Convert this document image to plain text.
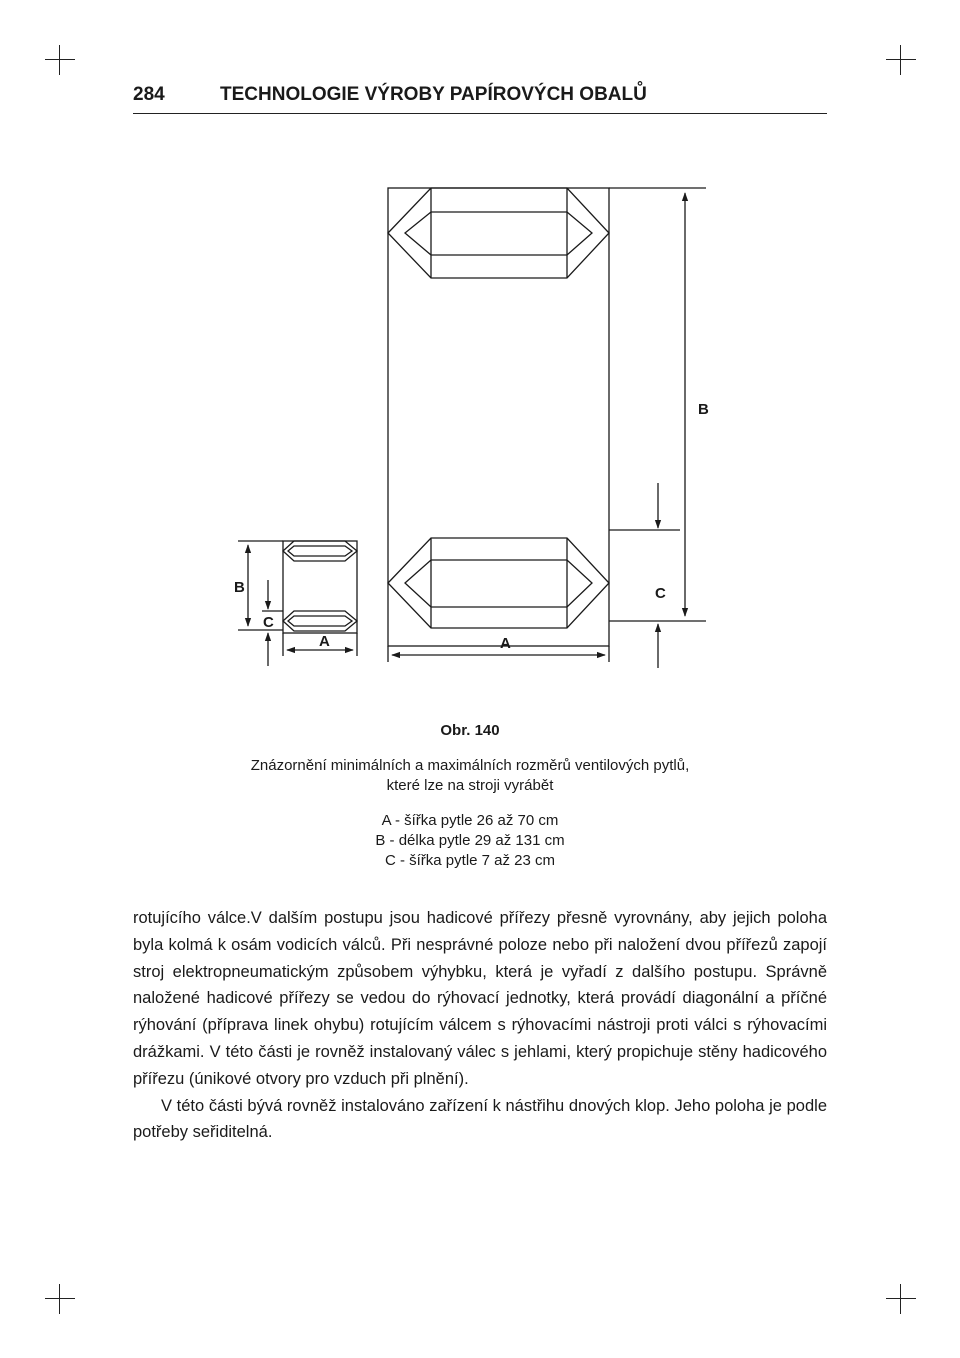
284	TECHNOLOGIE VÝROBY PAPÍROVÝCH OBALŮ
B
C
A
B
C
A
Obr. 140
Znázornění minimálních a maximálních rozměrů ventilových pytlů,
které lze na stroji vyrábět
A - šířka pytle 26 až 70 cm
B - délka pytle 29 až 131 cm
C - šířka pytle 7 až 23 cm

rotujícího válce.V dalším postupu jsou hadicové přířezy přesně vyrovnány, aby jejich poloha byla kolmá k osám vodicích válců. Při nesprávné poloze nebo při naložení dvou přířezů zapojí stroj elektropneumatickým způsobem výhybku, která je vyřadí z dalšího postupu. Správně naložené hadicové přířezy se vedou do rýhovací jednotky, která provádí diagonální a příčné rýhování (příprava linek ohybu) rotujícím válcem s rýhovacími nástroji proti válci s rýhovacími drážkami. V této části je rovněž instalovaný válec s jehlami, který propichuje stěny hadicového přířezu (únikové otvory pro vzduch při plnění).

V této části bývá rovněž instalováno zařízení k nástřihu dnových klop. Jeho poloha je podle potřeby seřiditelná.
